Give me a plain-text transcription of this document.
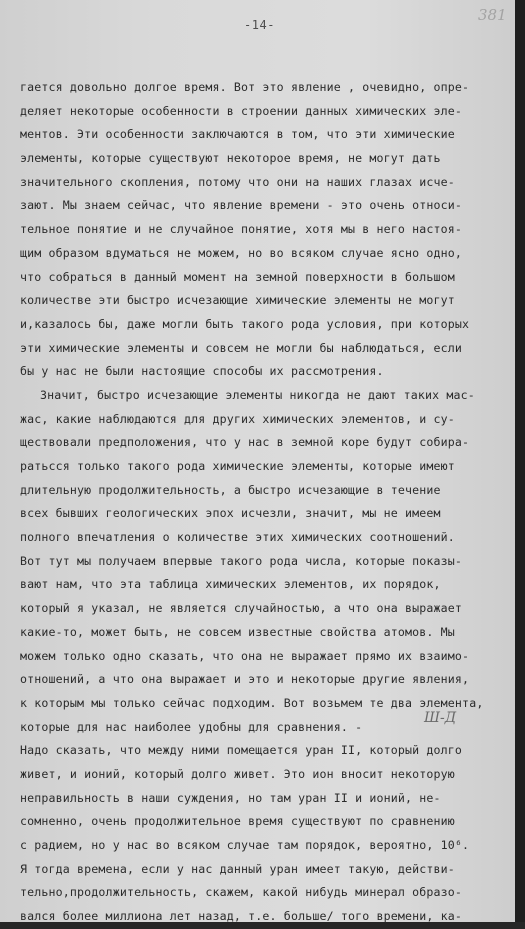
-14-
381
Ш-Д
гается довольно долгое время. Вот это явление , очевидно, опре-
деляет некоторые особенности в строении данных химических эле-
ментов. Эти особенности заключаются в том, что эти химические
элементы, которые существуют некоторое время, не могут дать
значительного скопления, потому что они на наших глазах исче-
зают. Мы знаем сейчас, что явление времени - это очень относи-
тельное понятие и не случайное понятие, хотя мы в него настоя-
щим образом вдуматься не можем, но во всяком случае ясно одно,
что собраться в данный момент на земной поверхности в большом
количестве эти быстро исчезающие химические элементы не могут
и,казалось бы, даже могли быть такого рода условия, при которых
эти химические элементы и совсем не могли бы наблюдаться, если
бы у нас не были настоящие способы их рассмотрения.
Значит, быстро исчезающие элементы никогда не дают таких мас-
жас, какие наблюдаются для других химических элементов, и су-
ществовали предположения, что у нас в земной коре будут собира-
ратьсся только такого рода химические элементы, которые имеют
длительную продолжительность, а быстро исчезающие в течение
всех бывших геологических эпох исчезли, значит, мы не имеем
полного впечатления о количестве этих химических соотношений.
Вот тут мы получаем впервые такого рода числа, которые показы-
вают нам, что эта таблица химических элементов, их порядок,
который я указал, не является случайностью, а что она выражает
какие-то, может быть, не совсем известные свойства атомов. Мы
можем только одно сказать, что она не выражает прямо их взаимо-
отношений, а что она выражает и это и некоторые другие явления,
к которым мы только сейчас подходим. Вот возьмем те два элемента,
которые для нас наиболее удобны для сравнения. -
Надо сказать, что между ними помещается уран II, который долго
живет, и ионий, который долго живет. Это ион вносит некоторую
неправильность в наши суждения, но там уран II и ионий, не-
сомненно, очень продолжительное время существуют по сравнению
с радием, но у нас во всяком случае там порядок, вероятно, 10⁶.
Я тогда времена, если у нас данный уран имеет такую, действи-
тельно,продолжительность, скажем, какой нибудь минерал образо-
вался более миллиона лет назад, т.е. больше/ того времени, ка-
